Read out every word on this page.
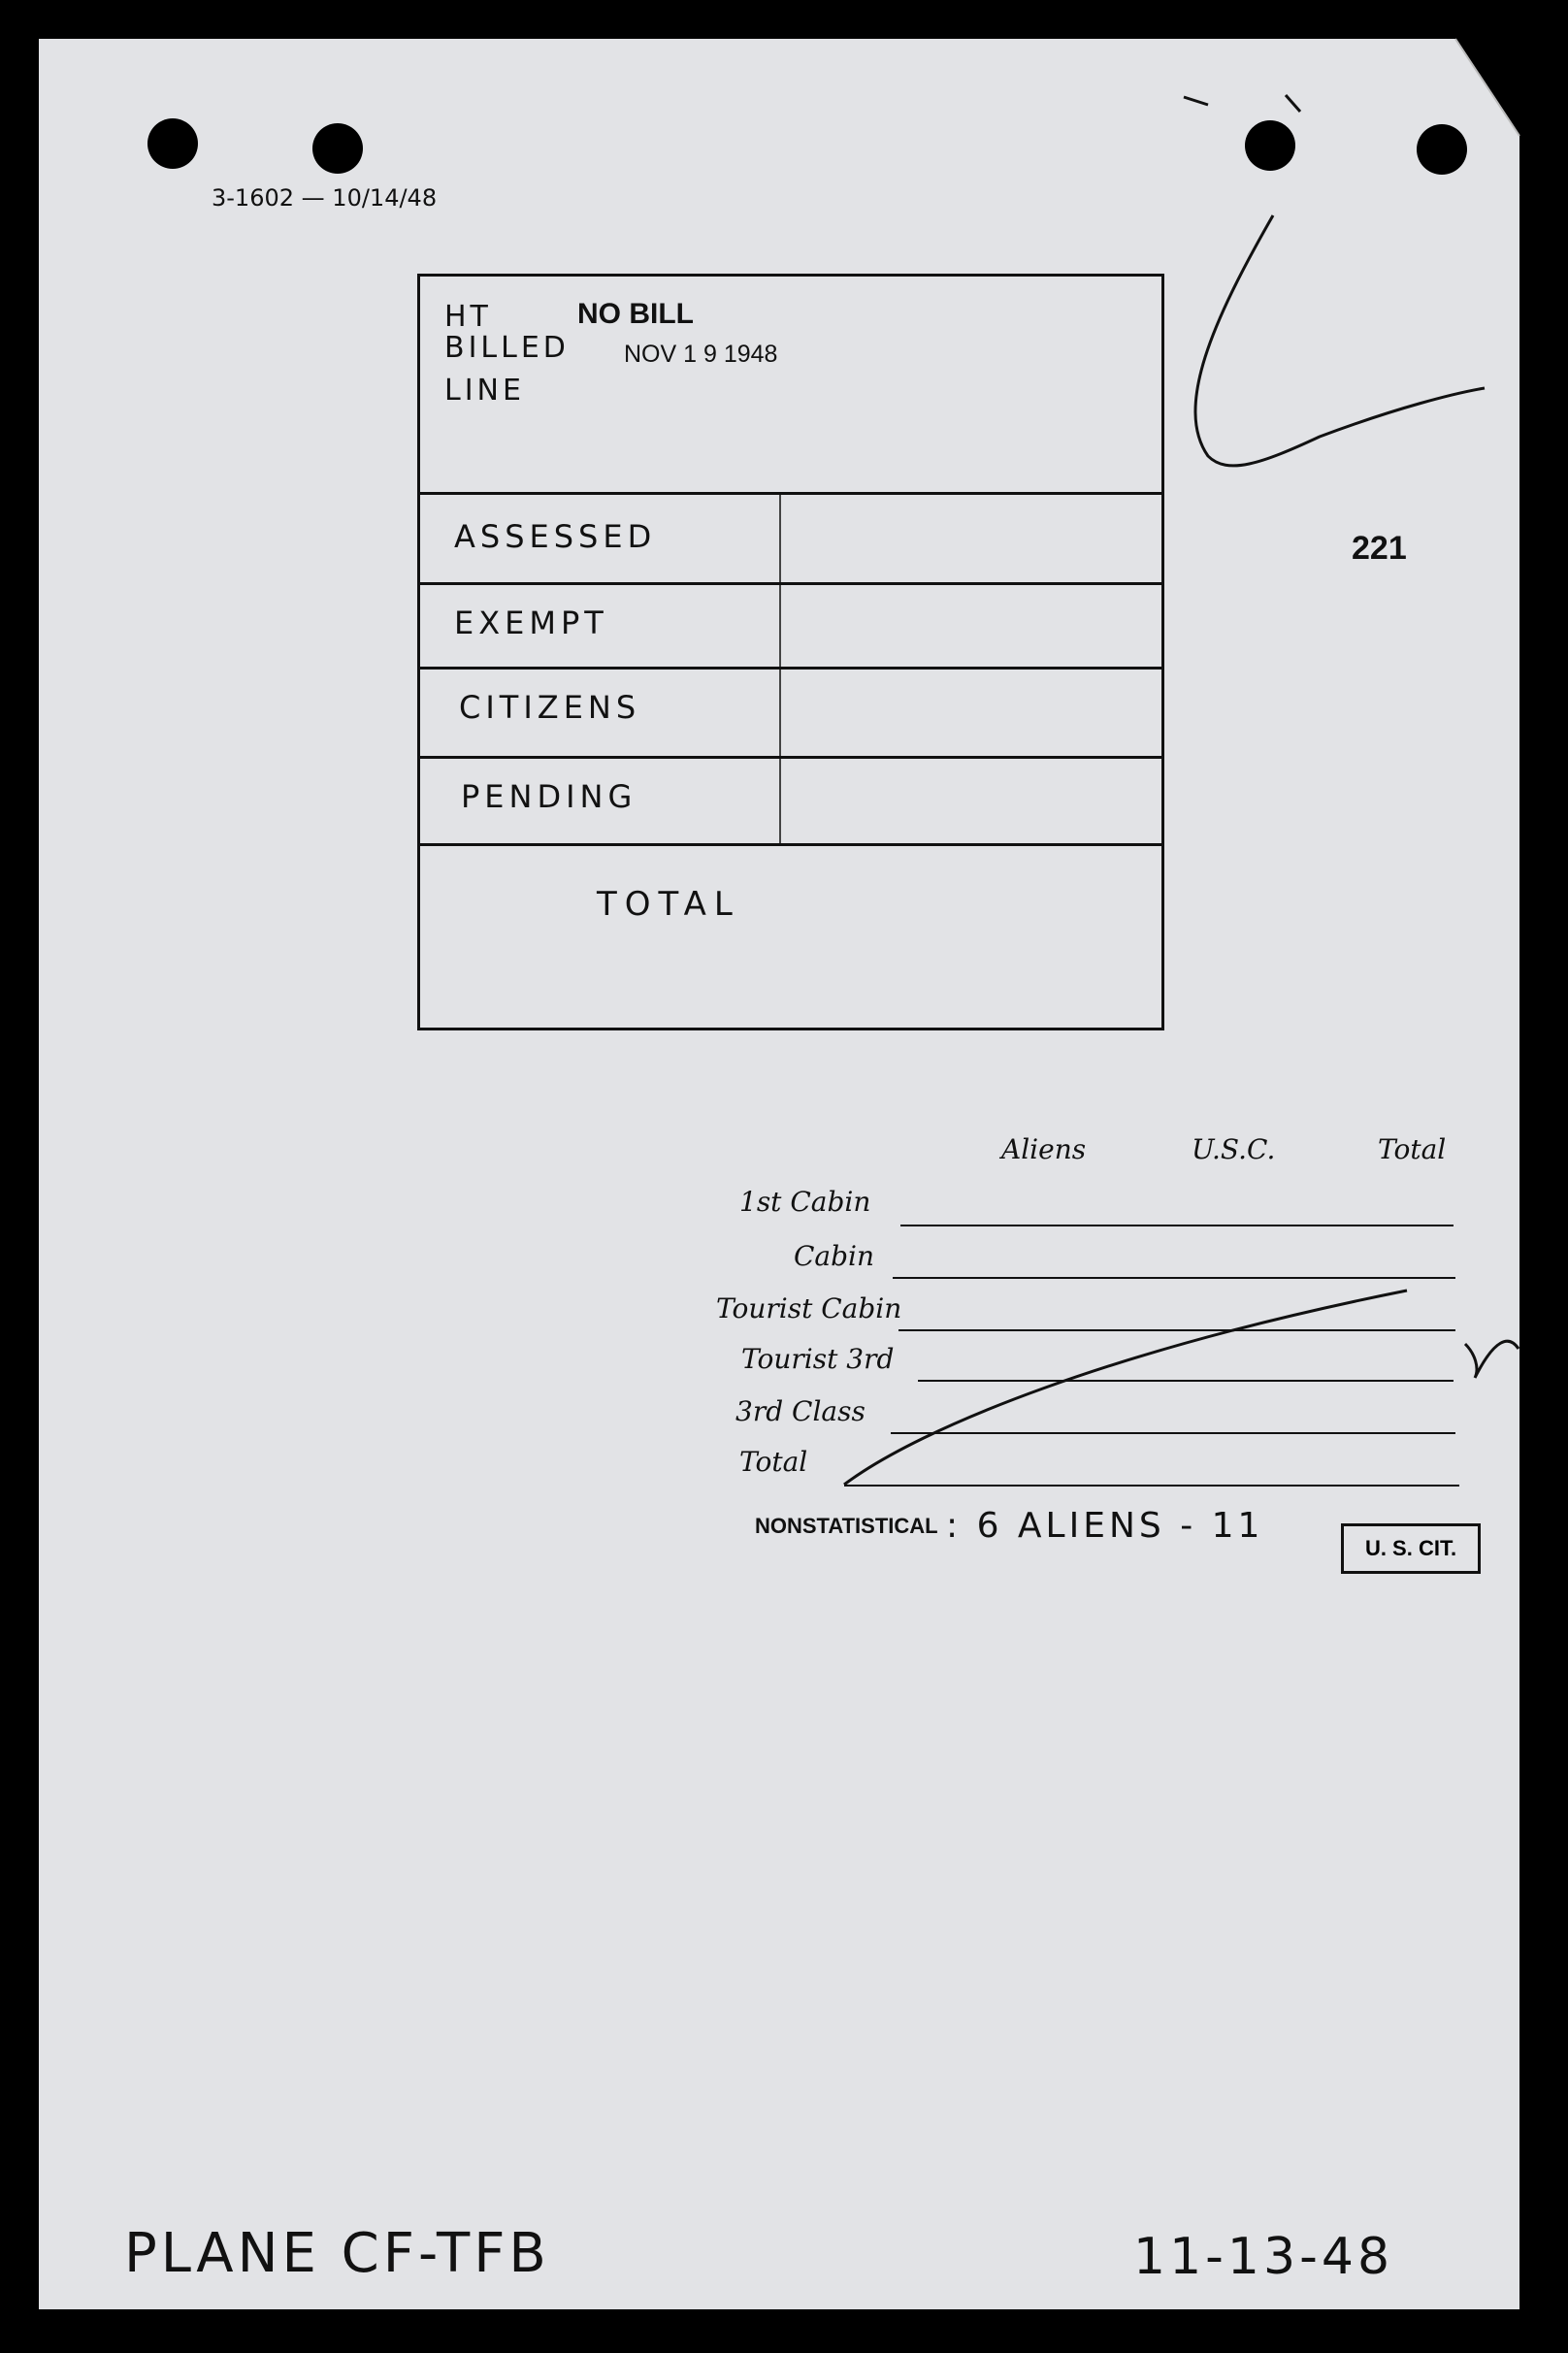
3-1602 — 10/14/48
221
HT
BILLED
LINE
NO BILL
NOV 1 9 1948
ASSESSED
EXEMPT
CITIZENS
PENDING
TOTAL
Aliens	U.S.C.	Total
1st Cabin
Cabin
Tourist Cabin
Tourist 3rd
3rd Class
Total
NONSTATISTICAL : 6 ALIENS - 11
U. S. CIT.
PLANE CF-TFB	11-13-48
